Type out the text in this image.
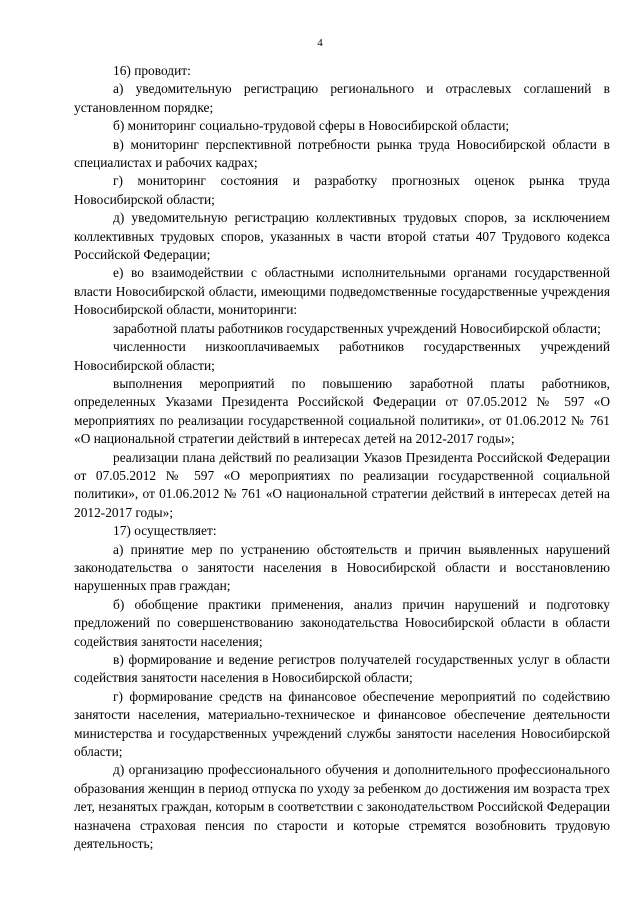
4

16) проводит:

а) уведомительную регистрацию регионального и отраслевых соглашений в установленном порядке;

б) мониторинг социально-трудовой сферы в Новосибирской области;

в) мониторинг перспективной потребности рынка труда Новосибирской области в специалистах и рабочих кадрах;

г) мониторинг состояния и разработку прогнозных оценок рынка труда Новосибирской области;

д) уведомительную регистрацию коллективных трудовых споров, за исключением коллективных трудовых споров, указанных в части второй статьи 407 Трудового кодекса Российской Федерации;

е) во взаимодействии с областными исполнительными органами государственной власти Новосибирской области, имеющими подведомственные государственные учреждения Новосибирской области, мониторинги:

заработной платы работников государственных учреждений Новосибирской области;

численности низкооплачиваемых работников государственных учреждений Новосибирской области;

выполнения мероприятий по повышению заработной платы работников, определенных Указами Президента Российской Федерации от 07.05.2012 № 597 «О мероприятиях по реализации государственной социальной политики», от 01.06.2012 № 761 «О национальной стратегии действий в интересах детей на 2012-2017 годы»;

реализации плана действий по реализации Указов Президента Российской Федерации от 07.05.2012 № 597 «О мероприятиях по реализации государственной социальной политики», от 01.06.2012 № 761 «О национальной стратегии действий в интересах детей на 2012-2017 годы»;

17) осуществляет:

а) принятие мер по устранению обстоятельств и причин выявленных нарушений законодательства о занятости населения в Новосибирской области и восстановлению нарушенных прав граждан;

б) обобщение практики применения, анализ причин нарушений и подготовку предложений по совершенствованию законодательства Новосибирской области в области содействия занятости населения;

в) формирование и ведение регистров получателей государственных услуг в области содействия занятости населения в Новосибирской области;

г) формирование средств на финансовое обеспечение мероприятий по содействию занятости населения, материально-техническое и финансовое обеспечение деятельности министерства и государственных учреждений службы занятости населения Новосибирской области;

д) организацию профессионального обучения и дополнительного профессионального образования женщин в период отпуска по уходу за ребенком до достижения им возраста трех лет, незанятых граждан, которым в соответствии с законодательством Российской Федерации назначена страховая пенсия по старости и которые стремятся возобновить трудовую деятельность;
